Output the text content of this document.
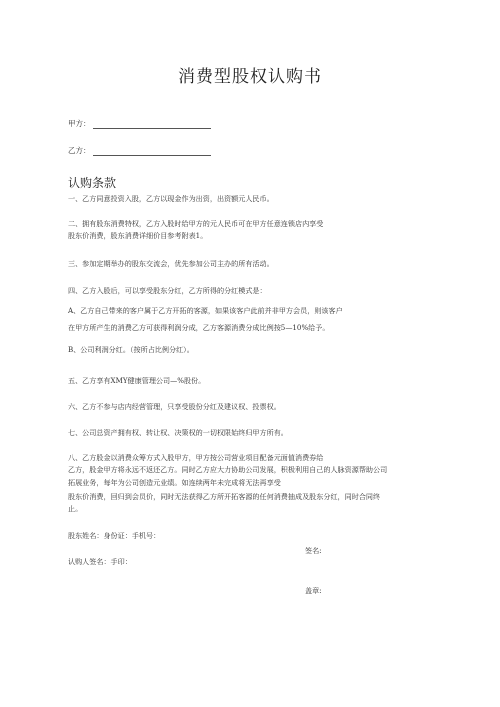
消费型股权认购书
甲方：
乙方：
认购条款
一、乙方同意投资入股，乙方以现金作为出资，出资额元人民币。
二、拥有股东消费特权，乙方入股时给甲方的元人民币可在甲方任意连锁店内享受
股东价消费，股东消费详细价目参考附表1。
三、参加定期举办的股东交流会，优先参加公司主办的所有活动。
四、乙方入股后，可以享受股东分红，乙方所得的分红模式是：
A、乙方自己带来的客户属于乙方开拓的客源，如果该客户此前并非甲方会员，则该客户
在甲方所产生的消费乙方可获得利润分成，乙方客源消费分成比例按5—10%给予。
B、公司利润分红。（按所占比例分红）。
五、乙方享有XMY健康管理公司—%股份。
六、乙方不参与店内经营管理，只享受股份分红及建议权、投票权。
七、公司总资产拥有权、转让权、决策权的一切权限始终归甲方所有。
八、乙方股金以消费众筹方式入股甲方，甲方按公司营业项目配备元面值消费券给
乙方，股金甲方将永远不返还乙方。同时乙方应大力协助公司发展，积极利用自己的人脉资源帮助公司
拓展业务，每年为公司创造元业绩。如连续两年未完成将无法再享受
股东价消费，回归到会员价，同时无法获得乙方所开拓客源的任何消费抽成及股东分红，同时合同终
止。
股东姓名：身份证：手机号：
签名:
认购人签名：手印：
盖章:
